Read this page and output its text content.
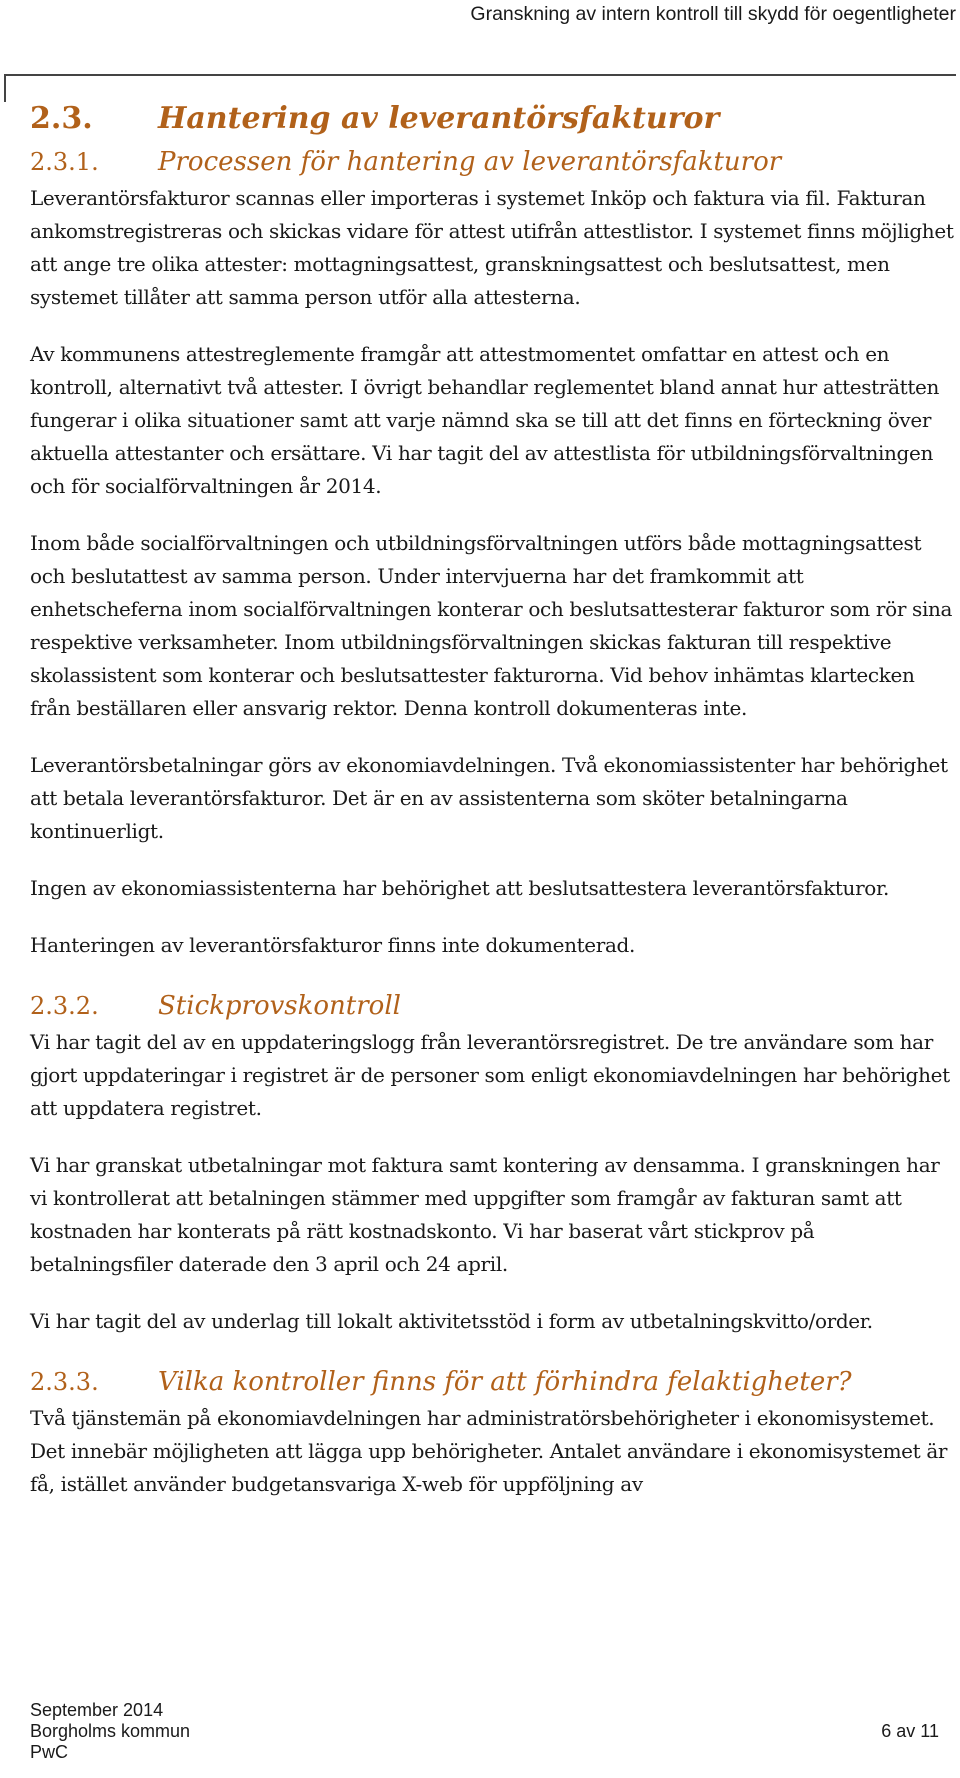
Granskning av intern kontroll till skydd för oegentligheter
2.3.	Hantering av leverantörsfakturor
2.3.1.	Processen för hantering av leverantörsfakturor

Leverantörsfakturor scannas eller importeras i systemet Inköp och faktura via fil. Fakturan ankomstregistreras och skickas vidare för attest utifrån attestlistor. I systemet finns möjlighet att ange tre olika attester: mottagningsattest, granskningsattest och beslutsattest, men systemet tillåter att samma person utför alla attesterna.

Av kommunens attestreglemente framgår att attestmomentet omfattar en attest och en kontroll, alternativt två attester. I övrigt behandlar reglementet bland annat hur attesträtten fungerar i olika situationer samt att varje nämnd ska se till att det finns en förteckning över aktuella attestanter och ersättare. Vi har tagit del av attestlista för utbildningsförvaltningen och för socialförvaltningen år 2014.

Inom både socialförvaltningen och utbildningsförvaltningen utförs både mottagningsattest och beslutattest av samma person. Under intervjuerna har det framkommit att enhetscheferna inom socialförvaltningen konterar och beslutsattesterar fakturor som rör sina respektive verksamheter. Inom utbildningsförvaltningen skickas fakturan till respektive skolassistent som konterar och beslutsattester fakturorna. Vid behov inhämtas klartecken från beställaren eller ansvarig rektor. Denna kontroll dokumenteras inte.

Leverantörsbetalningar görs av ekonomiavdelningen. Två ekonomiassistenter har behörighet att betala leverantörsfakturor. Det är en av assistenterna som sköter betalningarna kontinuerligt.

Ingen av ekonomiassistenterna har behörighet att beslutsattestera leverantörsfakturor.

Hanteringen av leverantörsfakturor finns inte dokumenterad.

2.3.2.	Stickprovskontroll

Vi har tagit del av en uppdateringslogg från leverantörsregistret. De tre användare som har gjort uppdateringar i registret är de personer som enligt ekonomiavdelningen har behörighet att uppdatera registret.

Vi har granskat utbetalningar mot faktura samt kontering av densamma. I granskningen har vi kontrollerat att betalningen stämmer med uppgifter som framgår av fakturan samt att kostnaden har konterats på rätt kostnadskonto. Vi har baserat vårt stickprov på betalningsfiler daterade den 3 april och 24 april.

Vi har tagit del av underlag till lokalt aktivitetsstöd i form av utbetalningskvitto/order.

2.3.3.	Vilka kontroller finns för att förhindra felaktigheter?

Två tjänstemän på ekonomiavdelningen har administratörsbehörigheter i ekonomisystemet. Det innebär möjligheten att lägga upp behörigheter. Antalet användare i ekonomisystemet är få, istället använder budgetansvariga X-web för uppföljning av

September 2014
Borgholms kommun
PwC
6 av 11
